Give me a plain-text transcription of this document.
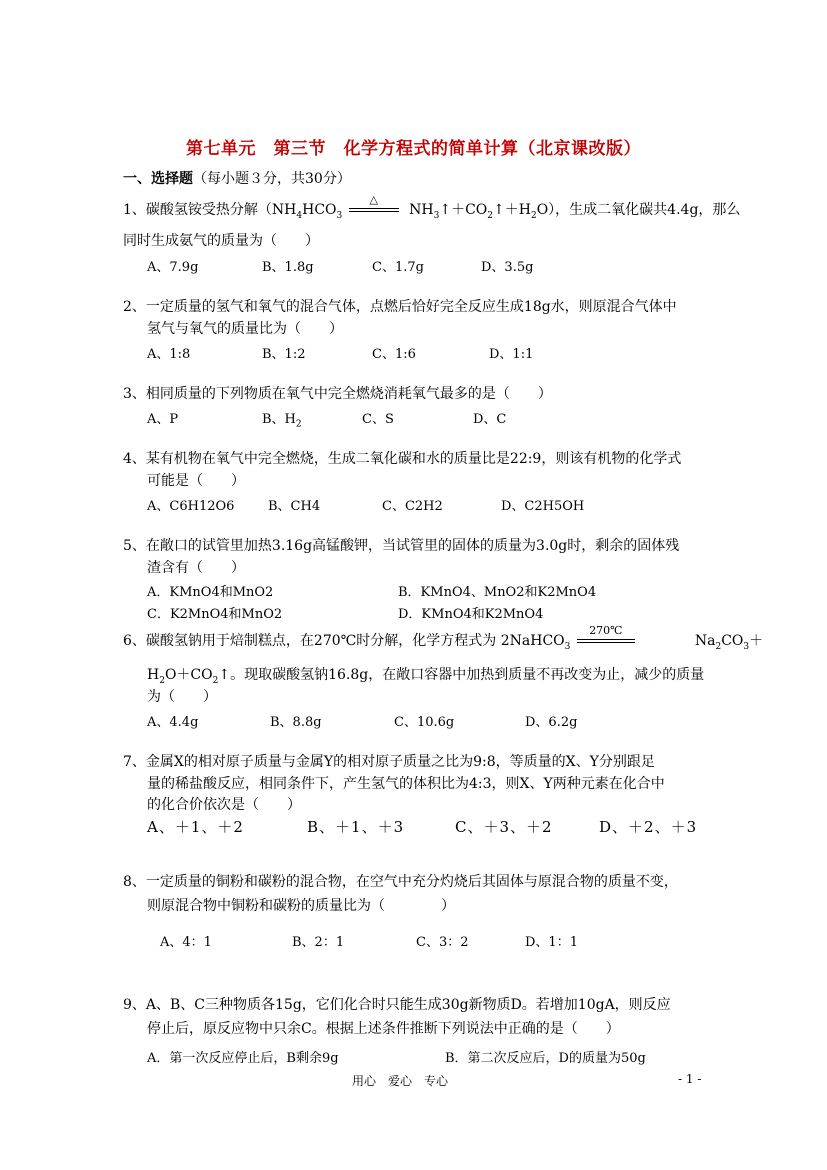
第七单元　第三节　化学方程式的简单计算（北京课改版）
一、选择题（每小题３分，共30分）
1、碳酸氢铵受热分解（$NH_4HCO_3$
△
$NH_3↑+CO_2↑+H_2O$），生成二氧化碳共4.4g，那么
同时生成氨气的质量为（　　）
A、7.9g	B、1.8g	C、1.7g	D、3.5g
2、一定质量的氢气和氧气的混合气体，点燃后恰好完全反应生成18g水，则原混合气体中
氢气与氧气的质量比为（　　）
A、1:8	B、1:2	C、1:6	D、1:1
3、相同质量的下列物质在氧气中完全燃烧消耗氧气最多的是（　　）
A、P	B、$H_2$	C、S	D、C
4、某有机物在氧气中完全燃烧，生成二氧化碳和水的质量比是22:9，则该有机物的化学式
可能是（　　）
A、C6H12O6	B、CH4	C、C2H2	D、C2H5OH
5、在敞口的试管里加热3.16g高锰酸钾，当试管里的固体的质量为3.0g时，剩余的固体残
渣含有（　　）
A．KMnO4和MnO2	B．KMnO4、MnO2和K2MnO4
C．K2MnO4和MnO2	D．KMnO4和K2MnO4
6、碳酸氢钠用于焙制糕点，在270℃时分解，化学方程式为 2NaHCO$_3$
270℃
$Na_2CO_3+$
$H_2O+CO_2↑$。现取碳酸氢钠16.8g，在敞口容器中加热到质量不再改变为止，减少的质量
为（　　）
A、4.4g	B、8.8g	C、10.6g	D、6.2g
7、金属X的相对原子质量与金属Y的相对原子质量之比为9:8，等质量的X、Y分别跟足
量的稀盐酸反应，相同条件下，产生氢气的体积比为4:3，则X、Y两种元素在化合中
的化合价依次是（　　）
A、＋1、＋2	B、＋1、＋3	C、＋3、＋2	D、＋2、＋3
8、一定质量的铜粉和碳粉的混合物，在空气中充分灼烧后其固体与原混合物的质量不变，
则原混合物中铜粉和碳粉的质量比为（　　　　）
A、4：1	B、2：1	C、3：2	D、1：1
9、A、B、C三种物质各15g，它们化合时只能生成30g新物质D。若增加10gA，则反应
停止后，原反应物中只余C。根据上述条件推断下列说法中正确的是（　　）
A．第一次反应停止后，B剩余9g	B．第二次反应后，D的质量为50g
用心　爱心　专心	- 1 -
